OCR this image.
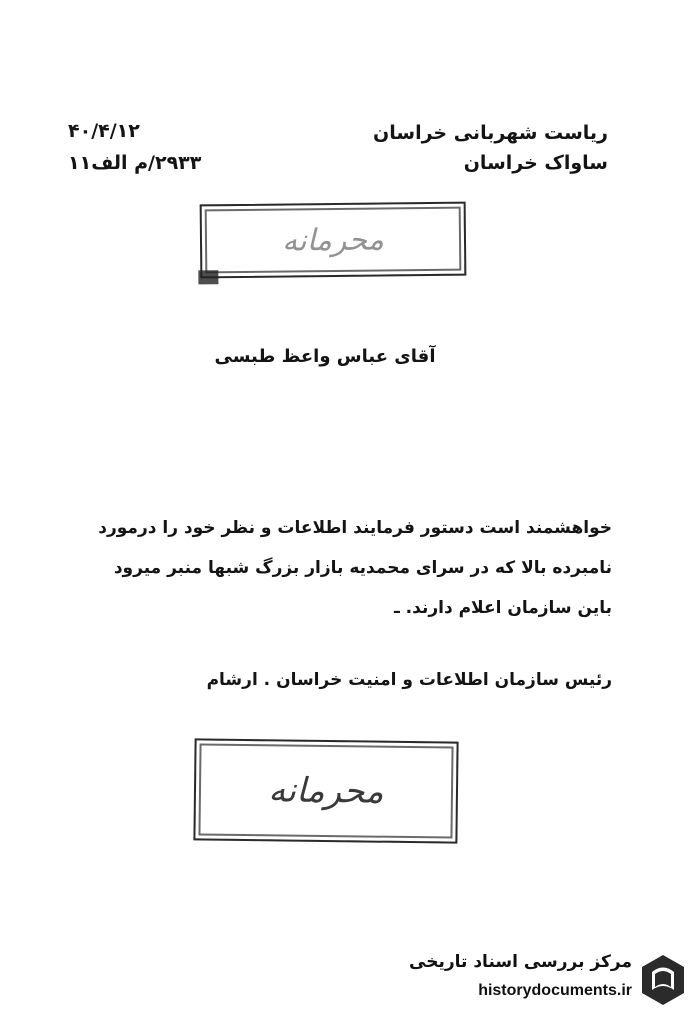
ریاست شهربانی خراسان
ساواک خراسان
۴۰/۴/۱۲
۲۹۳۳/م الف۱۱
محرمانه
آقای عباس واعظ طبسی

خواهشمند است دستور فرمایند اطلاعات و نظر خود را درمورد

نامبرده بالا که در سرای محمدیه بازار بزرگ شبها منبر میرود

باین سازمان اعلام دارند. ـ

رئیس سازمان اطلاعات و امنیت خراسان . ارشام
محرمانه
مرکز بررسی اسناد تاریخی
historydocuments.ir
